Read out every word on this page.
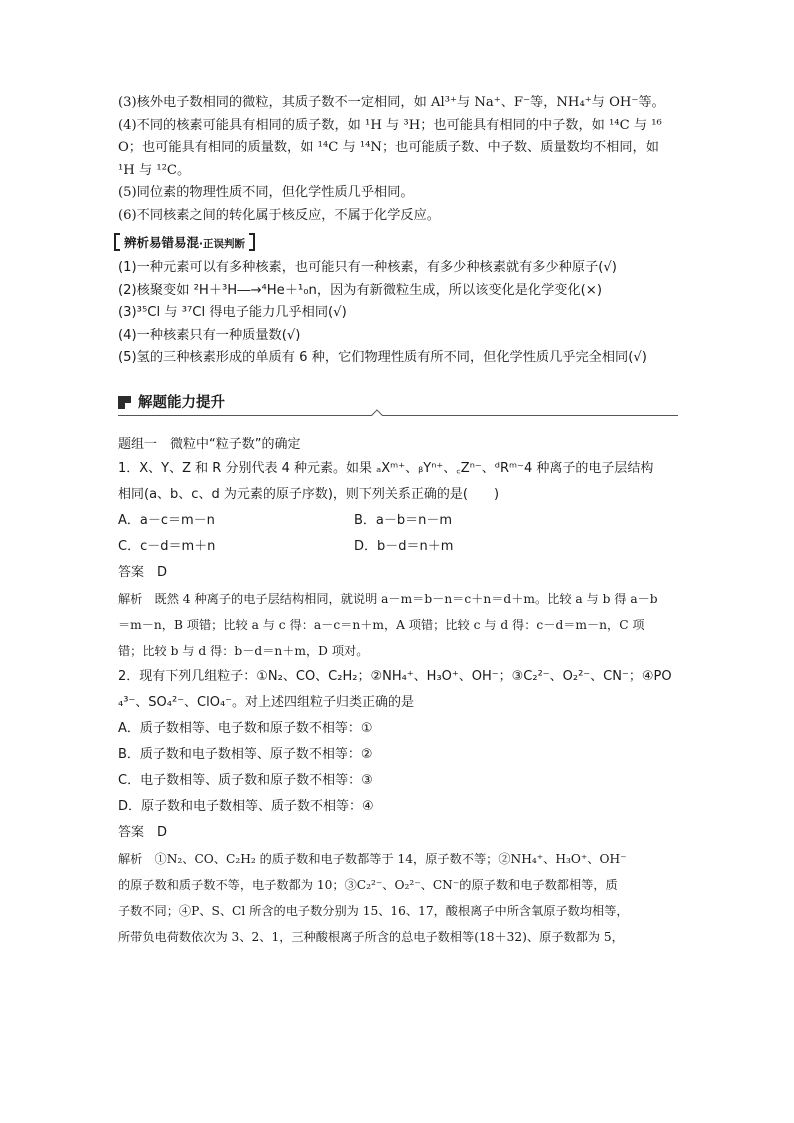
(3)核外电子数相同的微粒，其质子数不一定相同，如 Al³⁺与 Na⁺、F⁻等，NH₄⁺与 OH⁻等。
(4)不同的核素可能具有相同的质子数，如 ¹H 与 ³H；也可能具有相同的中子数，如 ¹⁴C 与 ¹⁶
O；也可能具有相同的质量数，如 ¹⁴C 与 ¹⁴N；也可能质子数、中子数、质量数均不相同，如
¹H 与 ¹²C。
(5)同位素的物理性质不同，但化学性质几乎相同。
(6)不同核素之间的转化属于核反应，不属于化学反应。
辨析易错易混·正误判断
(1)一种元素可以有多种核素，也可能只有一种核素，有多少种核素就有多少种原子(√)
(2)核聚变如 ²H＋³H―→⁴He＋¹₀n，因为有新微粒生成，所以该变化是化学变化(×)
(3)³⁵Cl 与 ³⁷Cl 得电子能力几乎相同(√)
(4)一种核素只有一种质量数(√)
(5)氢的三种核素形成的单质有 6 种，它们物理性质有所不同，但化学性质几乎完全相同(√)
解题能力提升
题组一　微粒中“粒子数”的确定
1．X、Y、Z 和 R 分别代表 4 种元素。如果 ₐXᵐ⁺、ᵦYⁿ⁺、꜀Zⁿ⁻、ᵈRᵐ⁻4 种离子的电子层结构
相同(a、b、c、d 为元素的原子序数)，则下列关系正确的是(　　)
A．a－c＝m－n	B．a－b＝n－m
C．c－d＝m＋n	D．b－d＝n＋m
答案　D
解析　既然 4 种离子的电子层结构相同，就说明 a－m＝b－n＝c＋n＝d＋m。比较 a 与 b 得 a－b
＝m－n，B 项错；比较 a 与 c 得：a－c＝n＋m，A 项错；比较 c 与 d 得：c－d＝m－n，C 项
错；比较 b 与 d 得：b－d＝n＋m，D 项对。
2．现有下列几组粒子：①N₂、CO、C₂H₂；②NH₄⁺、H₃O⁺、OH⁻；③C₂²⁻、O₂²⁻、CN⁻；④PO
₄³⁻、SO₄²⁻、ClO₄⁻。对上述四组粒子归类正确的是
A．质子数相等、电子数和原子数不相等：①
B．质子数和电子数相等、原子数不相等：②
C．电子数相等、质子数和原子数不相等：③
D．原子数和电子数相等、质子数不相等：④
答案　D
解析　①N₂、CO、C₂H₂ 的质子数和电子数都等于 14，原子数不等；②NH₄⁺、H₃O⁺、OH⁻
的原子数和质子数不等，电子数都为 10；③C₂²⁻、O₂²⁻、CN⁻的原子数和电子数都相等，质
子数不同；④P、S、Cl 所含的电子数分别为 15、16、17，酸根离子中所含氧原子数均相等，
所带负电荷数依次为 3、2、1，三种酸根离子所含的总电子数相等(18＋32)、原子数都为 5，
